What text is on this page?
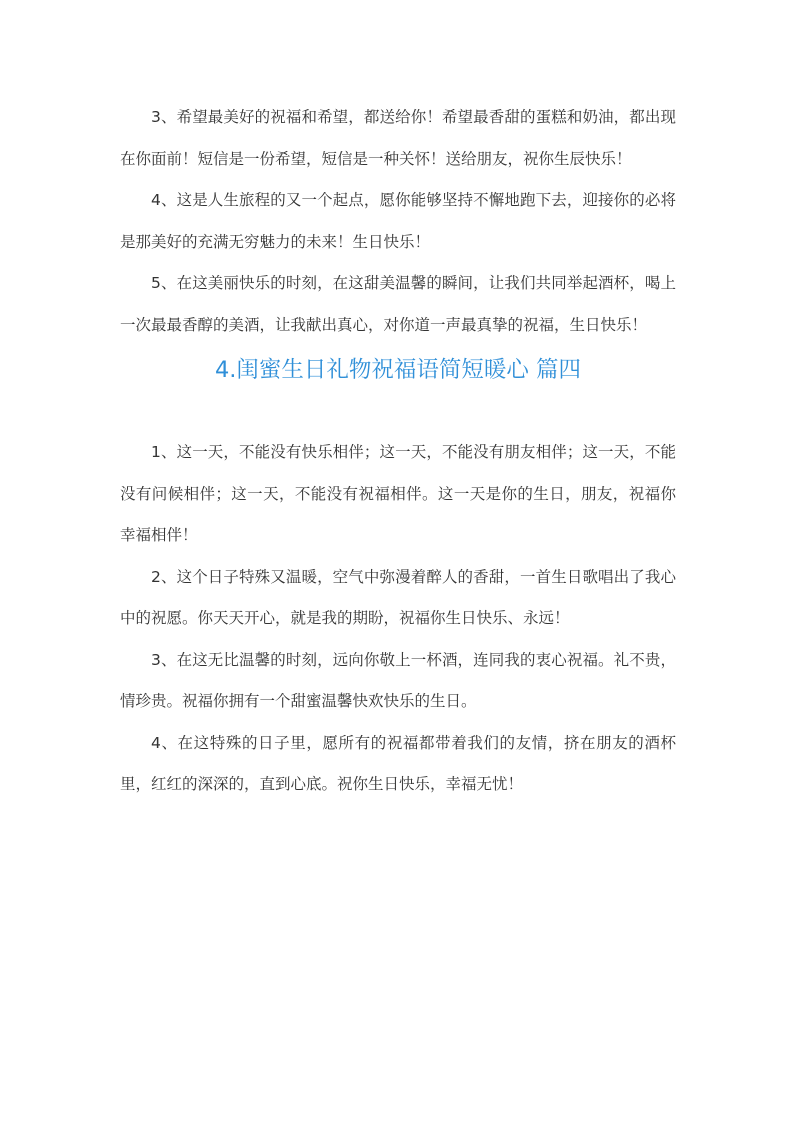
3、希望最美好的祝福和希望，都送给你！希望最香甜的蛋糕和奶油，都出现在你面前！短信是一份希望，短信是一种关怀！送给朋友，祝你生辰快乐！

4、这是人生旅程的又一个起点，愿你能够坚持不懈地跑下去，迎接你的必将是那美好的充满无穷魅力的未来！生日快乐！

5、在这美丽快乐的时刻，在这甜美温馨的瞬间，让我们共同举起酒杯，喝上一次最最香醇的美酒，让我献出真心，对你道一声最真挚的祝福，生日快乐！

4.闺蜜生日礼物祝福语简短暖心 篇四

1、这一天，不能没有快乐相伴；这一天，不能没有朋友相伴；这一天，不能没有问候相伴；这一天，不能没有祝福相伴。这一天是你的生日，朋友，祝福你幸福相伴！

2、这个日子特殊又温暖，空气中弥漫着醉人的香甜，一首生日歌唱出了我心中的祝愿。你天天开心，就是我的期盼，祝福你生日快乐、永远！

3、在这无比温馨的时刻，远向你敬上一杯酒，连同我的衷心祝福。礼不贵，情珍贵。祝福你拥有一个甜蜜温馨快欢快乐的生日。

4、在这特殊的日子里，愿所有的祝福都带着我们的友情，挤在朋友的酒杯里，红红的深深的，直到心底。祝你生日快乐，幸福无忧！
